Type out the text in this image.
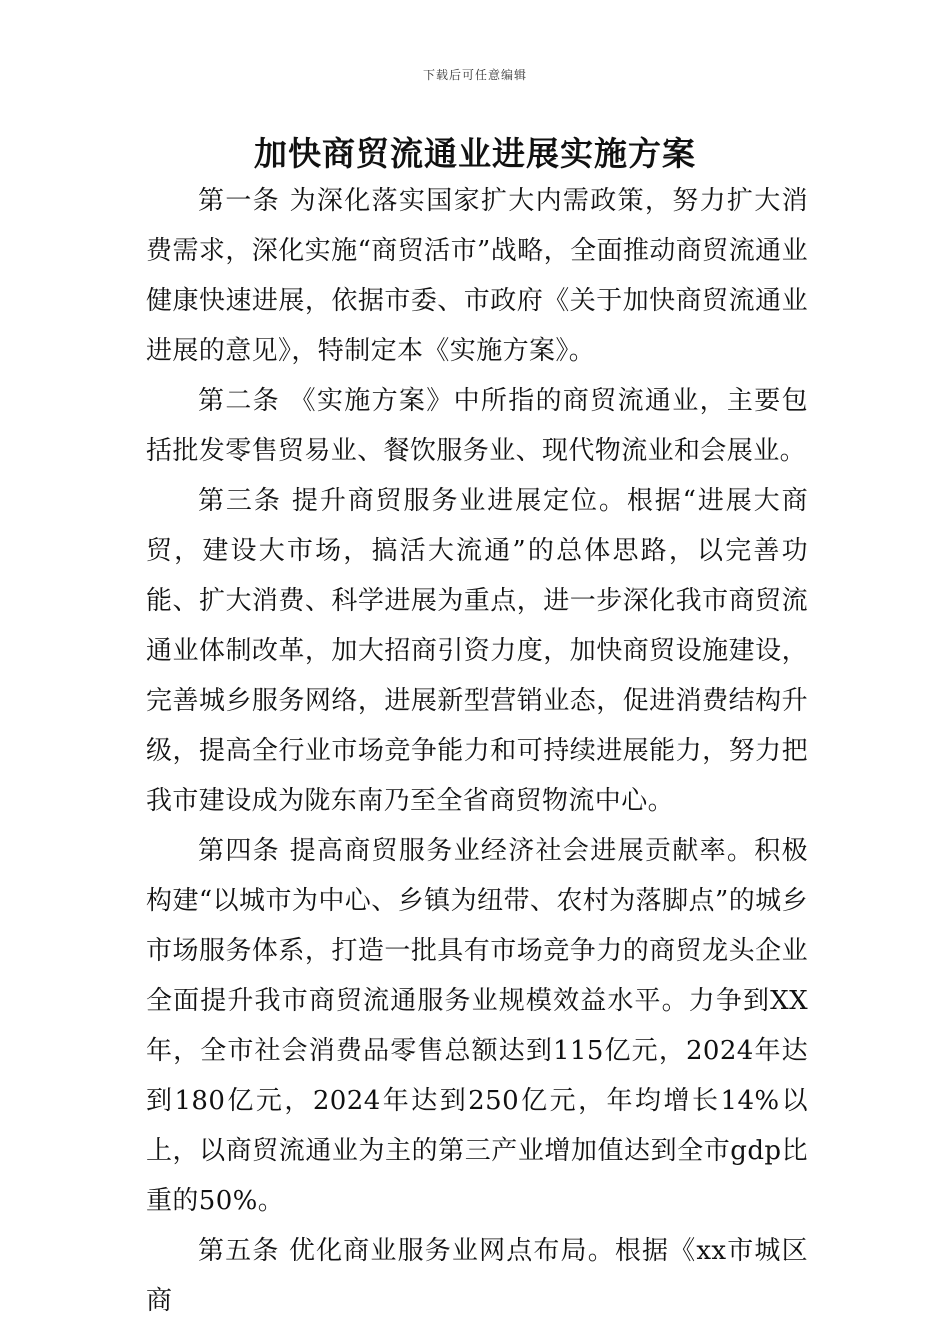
下载后可任意编辑
加快商贸流通业进展实施方案

第一条 为深化落实国家扩大内需政策，努力扩大消费需求，深化实施“商贸活市”战略，全面推动商贸流通业健康快速进展，依据市委、市政府《关于加快商贸流通业进展的意见》，特制定本《实施方案》。

第二条 《实施方案》中所指的商贸流通业，主要包括批发零售贸易业、餐饮服务业、现代物流业和会展业。

第三条 提升商贸服务业进展定位。根据“进展大商贸，建设大市场，搞活大流通”的总体思路，以完善功能、扩大消费、科学进展为重点，进一步深化我市商贸流通业体制改革，加大招商引资力度，加快商贸设施建设，完善城乡服务网络，进展新型营销业态，促进消费结构升级，提高全行业市场竞争能力和可持续进展能力，努力把我市建设成为陇东南乃至全省商贸物流中心。

第四条 提高商贸服务业经济社会进展贡献率。积极构建“以城市为中心、乡镇为纽带、农村为落脚点”的城乡市场服务体系，打造一批具有市场竞争力的商贸龙头企业全面提升我市商贸流通服务业规模效益水平。力争到XX年，全市社会消费品零售总额达到115亿元，2024年达到180亿元，2024年达到250亿元，年均增长14%以上，以商贸流通业为主的第三产业增加值达到全市gdp比重的50%。

第五条 优化商业服务业网点布局。根据《xx市城区商
